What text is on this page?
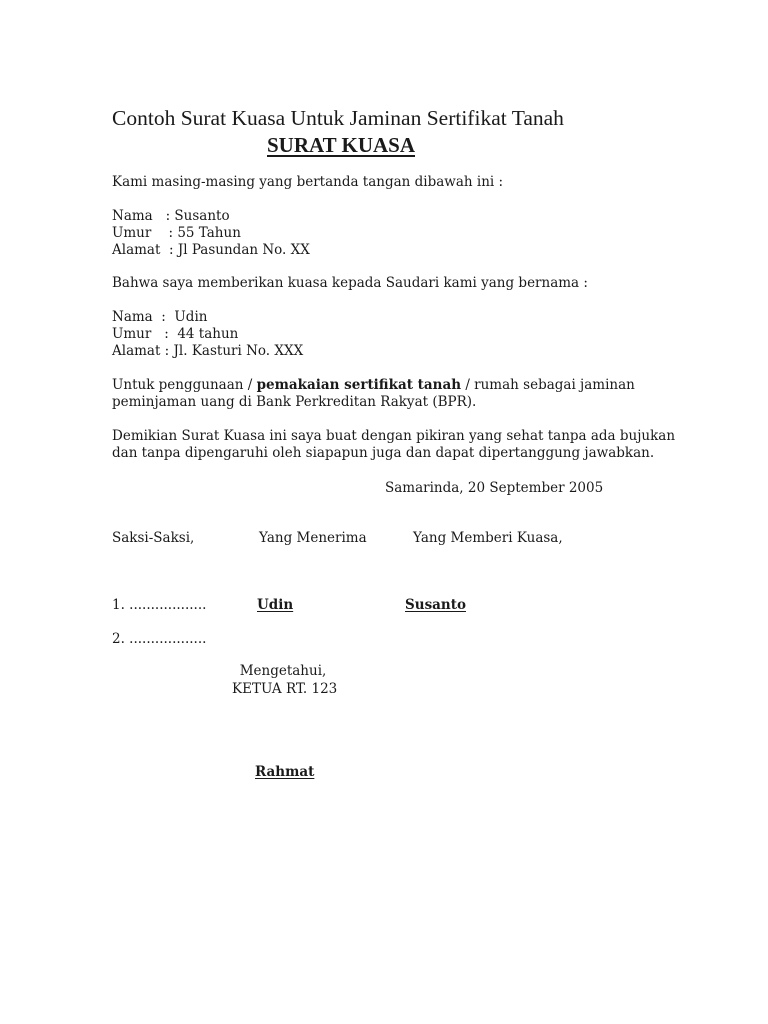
Contoh Surat Kuasa Untuk Jaminan Sertifikat Tanah
SURAT KUASA
Kami masing-masing yang bertanda tangan dibawah ini :
Nama   : Susanto
Umur    : 55 Tahun
Alamat  : Jl Pasundan No. XX
Bahwa saya memberikan kuasa kepada Saudari kami yang bernama :
Nama  :  Udin
Umur   :  44 tahun
Alamat : Jl. Kasturi No. XXX
Untuk penggunaan / pemakaian sertifikat tanah / rumah sebagai jaminan
peminjaman uang di Bank Perkreditan Rakyat (BPR).
Demikian Surat Kuasa ini saya buat dengan pikiran yang sehat tanpa ada bujukan
dan tanpa dipengaruhi oleh siapapun juga dan dapat dipertanggung jawabkan.
Samarinda, 20 September 2005
Saksi-Saksi,	Yang Menerima	Yang Memberi Kuasa,
1. ..................	Udin	Susanto
2. ..................
Mengetahui,
KETUA RT. 123
Rahmat
